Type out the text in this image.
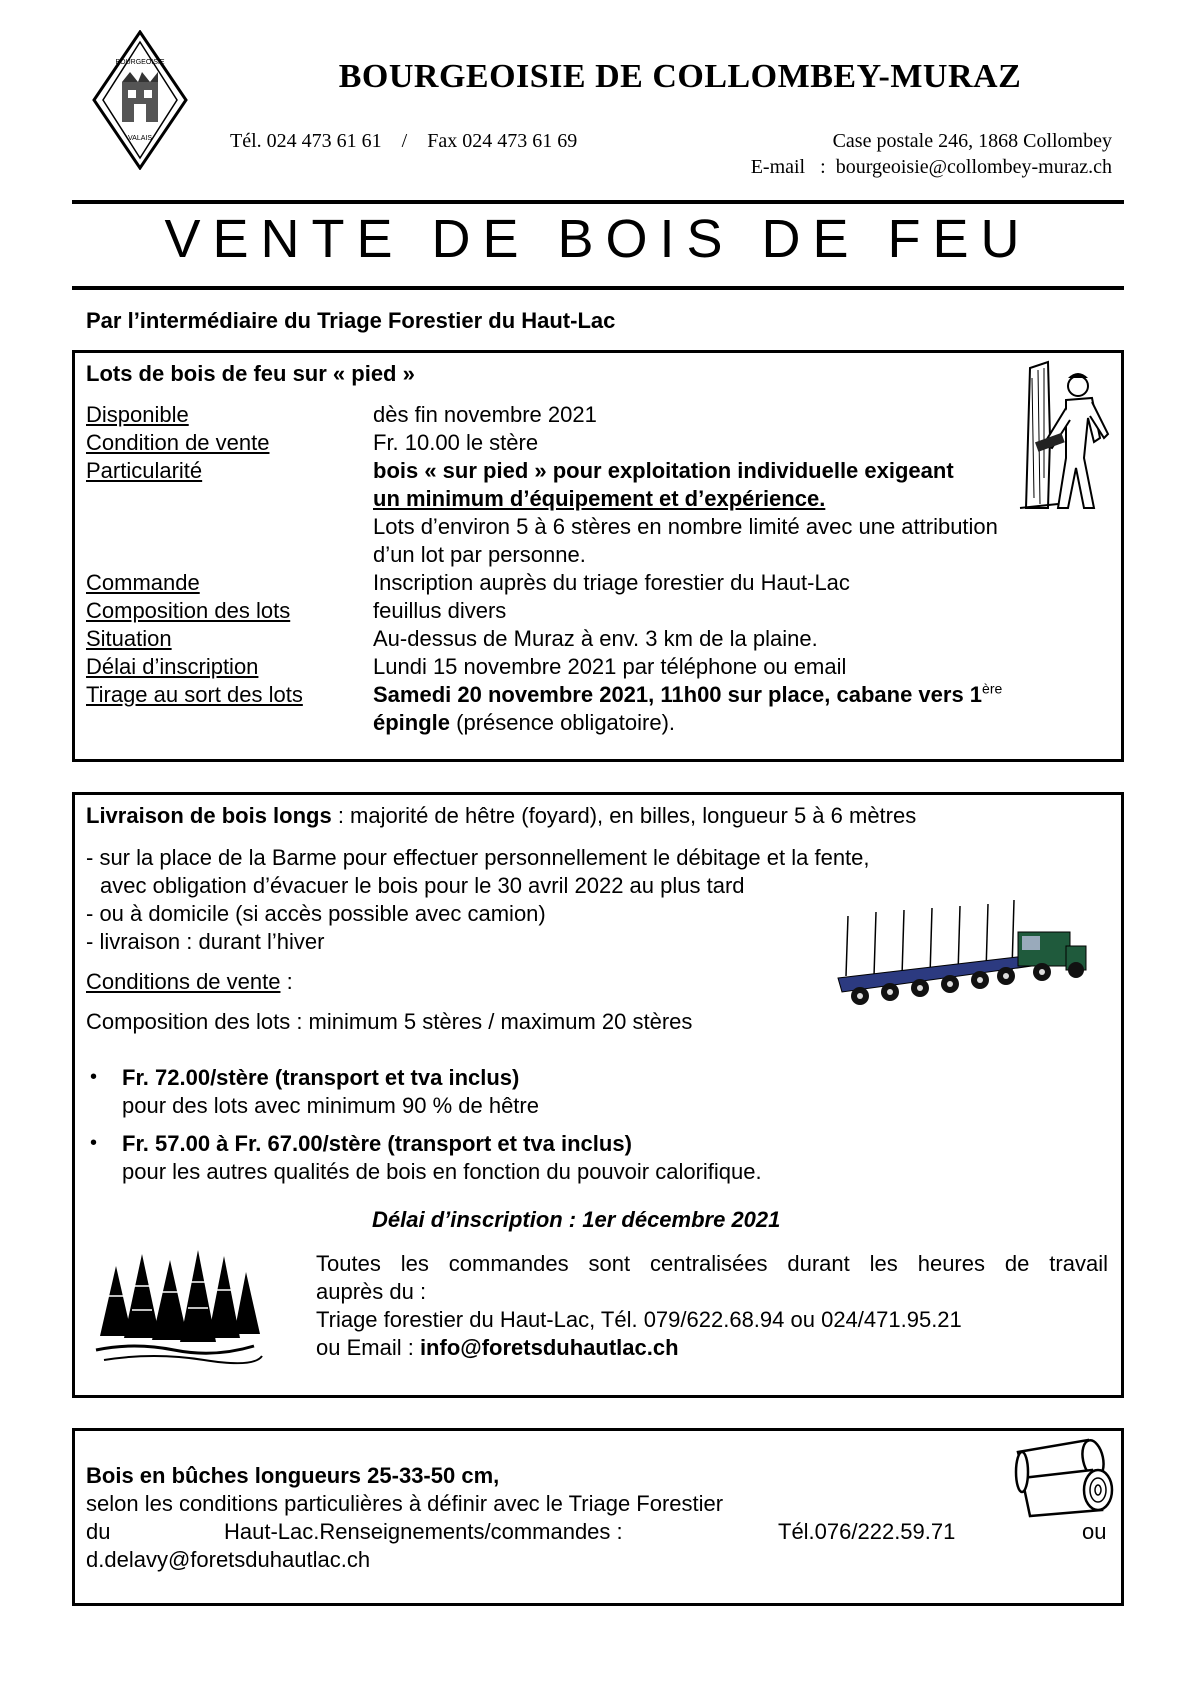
BOURGEOISIE
VALAIS
BOURGEOISIE DE COLLOMBEY-MURAZ
Tél. 024 473 61 61 / Fax 024 473 61 69	Case postale 246, 1868 Collombey
E-mail : bourgeoisie@collombey-muraz.ch
VENTE DE BOIS DE FEU
Par l’intermédiaire du Triage Forestier du Haut-Lac
Lots de bois de feu sur « pied »
Disponible	dès fin novembre 2021
Condition de vente	Fr. 10.00 le stère
Particularité	bois « sur pied » pour exploitation individuelle exigeant
un minimum d’équipement et d’expérience.
Lots d’environ 5 à 6 stères en nombre limité avec une attribution
d’un lot par personne.
Commande	Inscription auprès du triage forestier du Haut-Lac
Composition des lots	feuillus divers
Situation	Au-dessus de Muraz à env. 3 km de la plaine.
Délai d’inscription	Lundi 15 novembre 2021 par téléphone ou email
Tirage au sort des lots	Samedi 20 novembre 2021, 11h00 sur place, cabane vers 1ère
épingle (présence obligatoire).
Livraison de bois longs : majorité de hêtre (foyard), en billes, longueur 5 à 6 mètres
- sur la place de la Barme pour effectuer personnellement le débitage et la fente,
avec obligation d’évacuer le bois pour le 30 avril 2022 au plus tard
- ou à domicile (si accès possible avec camion)
- livraison : durant l’hiver
Conditions de vente :
Composition des lots : minimum 5 stères / maximum 20 stères
• Fr. 72.00/stère (transport et tva inclus)
pour des lots avec minimum 90 % de hêtre
• Fr. 57.00 à Fr. 67.00/stère (transport et tva inclus)
pour les autres qualités de bois en fonction du pouvoir calorifique.
Délai d’inscription : 1er décembre 2021
Toutes les commandes sont centralisées durant les heures de travail
auprès du :
Triage forestier du Haut-Lac, Tél. 079/622.68.94 ou 024/471.95.21
ou Email : info@foretsduhautlac.ch
Bois en bûches longueurs 25-33-50 cm,
selon les conditions particulières à définir avec le Triage Forestier
du	Haut-Lac.Renseignements/commandes :	Tél.076/222.59.71	ou
d.delavy@foretsduhautlac.ch
